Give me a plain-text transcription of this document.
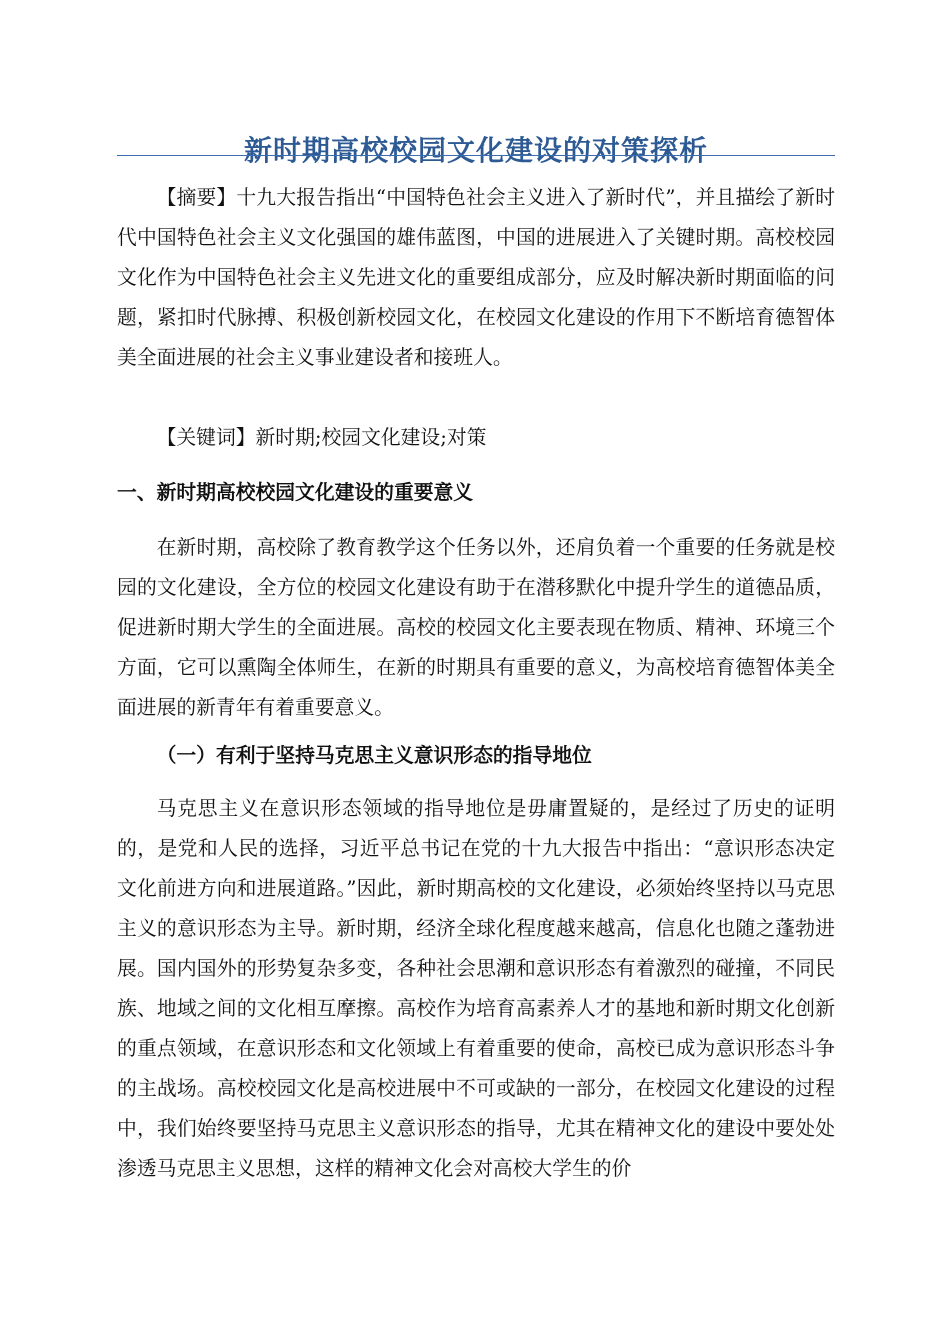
新时期高校校园文化建设的对策探析

【摘要】十九大报告指出“中国特色社会主义进入了新时代”，并且描绘了新时代中国特色社会主义文化强国的雄伟蓝图，中国的进展进入了关键时期。高校校园文化作为中国特色社会主义先进文化的重要组成部分，应及时解决新时期面临的问题，紧扣时代脉搏、积极创新校园文化，在校园文化建设的作用下不断培育德智体美全面进展的社会主义事业建设者和接班人。

【关键词】新时期;校园文化建设;对策

一、新时期高校校园文化建设的重要意义

在新时期，高校除了教育教学这个任务以外，还肩负着一个重要的任务就是校园的文化建设，全方位的校园文化建设有助于在潜移默化中提升学生的道德品质，促进新时期大学生的全面进展。高校的校园文化主要表现在物质、精神、环境三个方面，它可以熏陶全体师生，在新的时期具有重要的意义，为高校培育德智体美全面进展的新青年有着重要意义。

（一）有利于坚持马克思主义意识形态的指导地位

马克思主义在意识形态领域的指导地位是毋庸置疑的，是经过了历史的证明的，是党和人民的选择，习近平总书记在党的十九大报告中指出：“意识形态决定文化前进方向和进展道路。”因此，新时期高校的文化建设，必须始终坚持以马克思主义的意识形态为主导。新时期，经济全球化程度越来越高，信息化也随之蓬勃进展。国内国外的形势复杂多变，各种社会思潮和意识形态有着激烈的碰撞，不同民族、地域之间的文化相互摩擦。高校作为培育高素养人才的基地和新时期文化创新的重点领域，在意识形态和文化领域上有着重要的使命，高校已成为意识形态斗争的主战场。高校校园文化是高校进展中不可或缺的一部分，在校园文化建设的过程中，我们始终要坚持马克思主义意识形态的指导，尤其在精神文化的建设中要处处渗透马克思主义思想，这样的精神文化会对高校大学生的价
